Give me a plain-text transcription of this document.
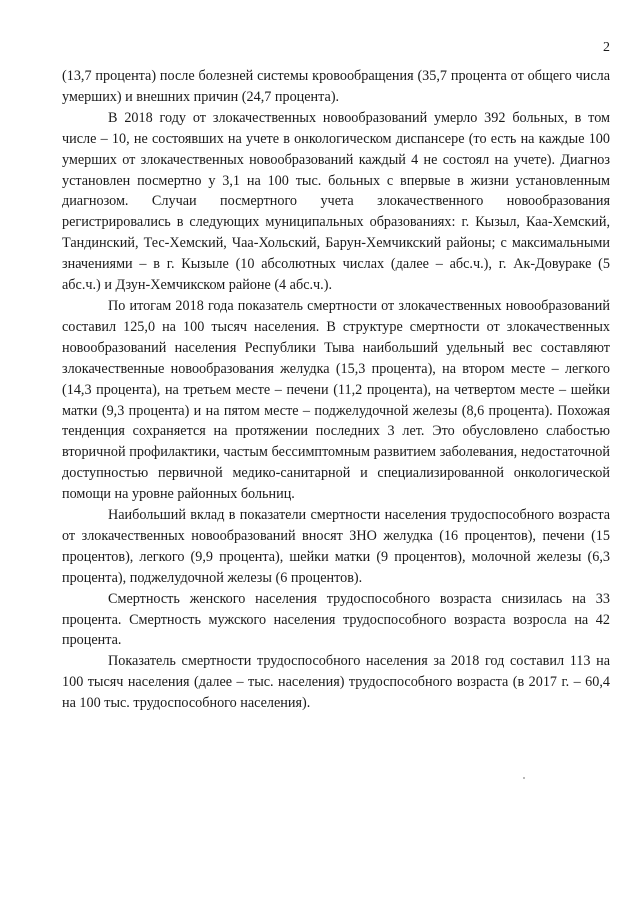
2

(13,7 процента) после болезней системы кровообращения (35,7 процента от общего числа умерших) и внешних причин (24,7 процента).

В 2018 году от злокачественных новообразований умерло 392 больных, в том числе – 10, не состоявших на учете в онкологическом диспансере (то есть на каждые 100 умерших от злокачественных новообразований каждый 4 не состоял на учете). Диагноз установлен посмертно у 3,1 на 100 тыс. больных с впервые в жизни установленным диагнозом. Случаи посмертного учета злокачественного новообразования регистрировались в следующих муниципальных образованиях: г. Кызыл, Каа-Хемский, Тандинский, Тес-Хемский, Чаа-Хольский, Барун-Хемчикский районы; с максимальными значениями – в г. Кызыле (10 абсолютных числах (далее – абс.ч.), г. Ак-Довураке (5 абс.ч.) и Дзун-Хемчикском районе (4 абс.ч.).

По итогам 2018 года показатель смертности от злокачественных новообразований составил 125,0 на 100 тысяч населения. В структуре смертности от злокачественных новообразований населения Республики Тыва наибольший удельный вес составляют злокачественные новообразования желудка (15,3 процента), на втором месте – легкого (14,3 процента), на третьем месте – печени (11,2 процента), на четвертом месте – шейки матки (9,3 процента) и на пятом месте – поджелудочной железы (8,6 процента). Похожая тенденция сохраняется на протяжении последних 3 лет. Это обусловлено слабостью вторичной профилактики, частым бессимптомным развитием заболевания, недостаточной доступностью первичной медико-санитарной и специализированной онкологической помощи на уровне районных больниц.

Наибольший вклад в показатели смертности населения трудоспособного возраста от злокачественных новообразований вносят ЗНО желудка (16 процентов), печени (15 процентов), легкого (9,9 процента), шейки матки (9 процентов), молочной железы (6,3 процента), поджелудочной железы (6 процентов).

Смертность женского населения трудоспособного возраста снизилась на 33 процента. Смертность мужского населения трудоспособного возраста возросла на 42 процента.

Показатель смертности трудоспособного населения за 2018 год составил 113 на 100 тысяч населения (далее – тыс. населения) трудоспособного возраста (в 2017 г. – 60,4 на 100 тыс. трудоспособного населения).
